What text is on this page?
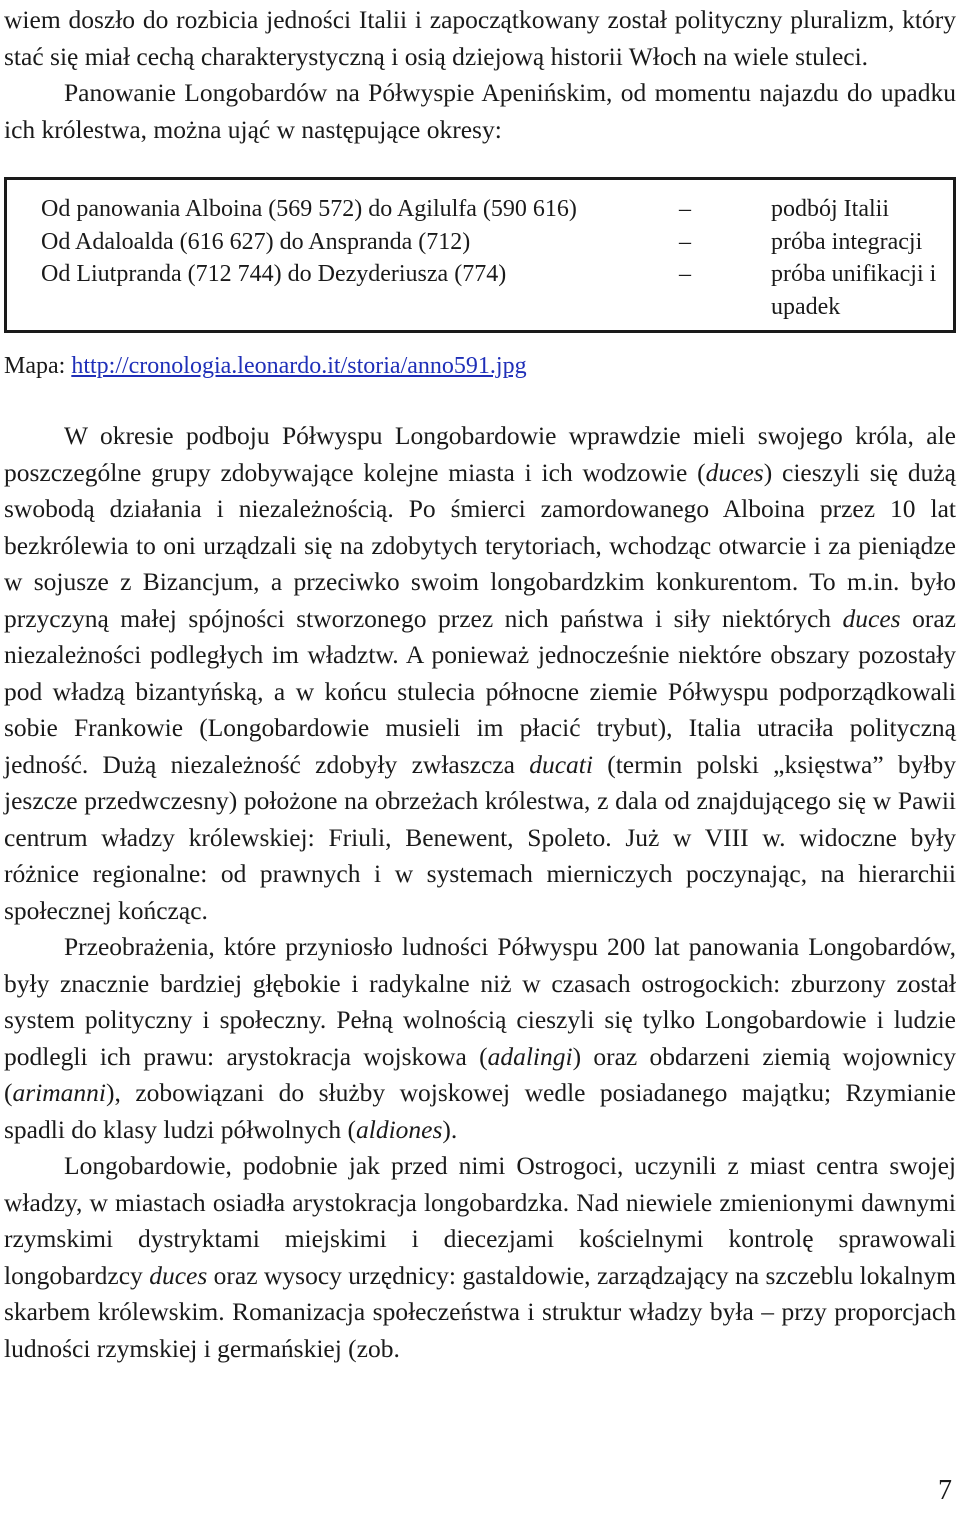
wiem doszło do rozbicia jedności Italii i zapoczątkowany został polityczny pluralizm, który stać się miał cechą charakterystyczną i osią dziejową historii Włoch na wiele stuleci.

Panowanie Longobardów na Półwyspie Apenińskim, od momentu najazdu do upadku ich królestwa, można ująć w następujące okresy:

Od panowania Alboina (569 572) do Agilulfa (590 616)	–	podbój Italii
Od Adaloalda (616 627) do Anspranda (712)	–	próba integracji
Od Liutpranda (712 744) do Dezyderiusza (774)	–	próba unifikacji i upadek
Mapa: http://cronologia.leonardo.it/storia/anno591.jpg

W okresie podboju Półwyspu Longobardowie wprawdzie mieli swojego króla, ale poszczególne grupy zdobywające kolejne miasta i ich wodzowie (duces) cieszyli się dużą swobodą działania i niezależnością. Po śmierci zamordowanego Alboina przez 10 lat bezkrólewia to oni urządzali się na zdobytych terytoriach, wchodząc otwarcie i za pieniądze w sojusze z Bizancjum, a przeciwko swoim longobardzkim konkurentom. To m.in. było przyczyną małej spójności stworzonego przez nich państwa i siły niektórych duces oraz niezależności podległych im władztw. A ponieważ jednocześnie niektóre obszary pozostały pod władzą bizantyńską, a w końcu stulecia północne ziemie Półwyspu podporządkowali sobie Frankowie (Longobardowie musieli im płacić trybut), Italia utraciła polityczną jedność. Dużą niezależność zdobyły zwłaszcza ducati (termin polski „księstwa” byłby jeszcze przedwczesny) położone na obrzeżach królestwa, z dala od znajdującego się w Pawii centrum władzy królewskiej: Friuli, Benewent, Spoleto. Już w VIII w. widoczne były różnice regionalne: od prawnych i w systemach mierniczych poczynając, na hierarchii społecznej kończąc.

Przeobrażenia, które przyniosło ludności Półwyspu 200 lat panowania Longobardów, były znacznie bardziej głębokie i radykalne niż w czasach ostrogockich: zburzony został system polityczny i społeczny. Pełną wolnością cieszyli się tylko Longobardowie i ludzie podlegli ich prawu: arystokracja wojskowa (adalingi) oraz obdarzeni ziemią wojownicy (arimanni), zobowiązani do służby wojskowej wedle posiadanego majątku; Rzymianie spadli do klasy ludzi półwolnych (aldiones).

Longobardowie, podobnie jak przed nimi Ostrogoci, uczynili z miast centra swojej władzy, w miastach osiadła arystokracja longobardzka. Nad niewiele zmienionymi dawnymi rzymskimi dystryktami miejskimi i diecezjami kościelnymi kontrolę sprawowali longobardzcy duces oraz wysocy urzędnicy: gastaldowie, zarządzający na szczeblu lokalnym skarbem królewskim. Romanizacja społeczeństwa i struktur władzy była – przy proporcjach ludności rzymskiej i germańskiej (zob.

7
